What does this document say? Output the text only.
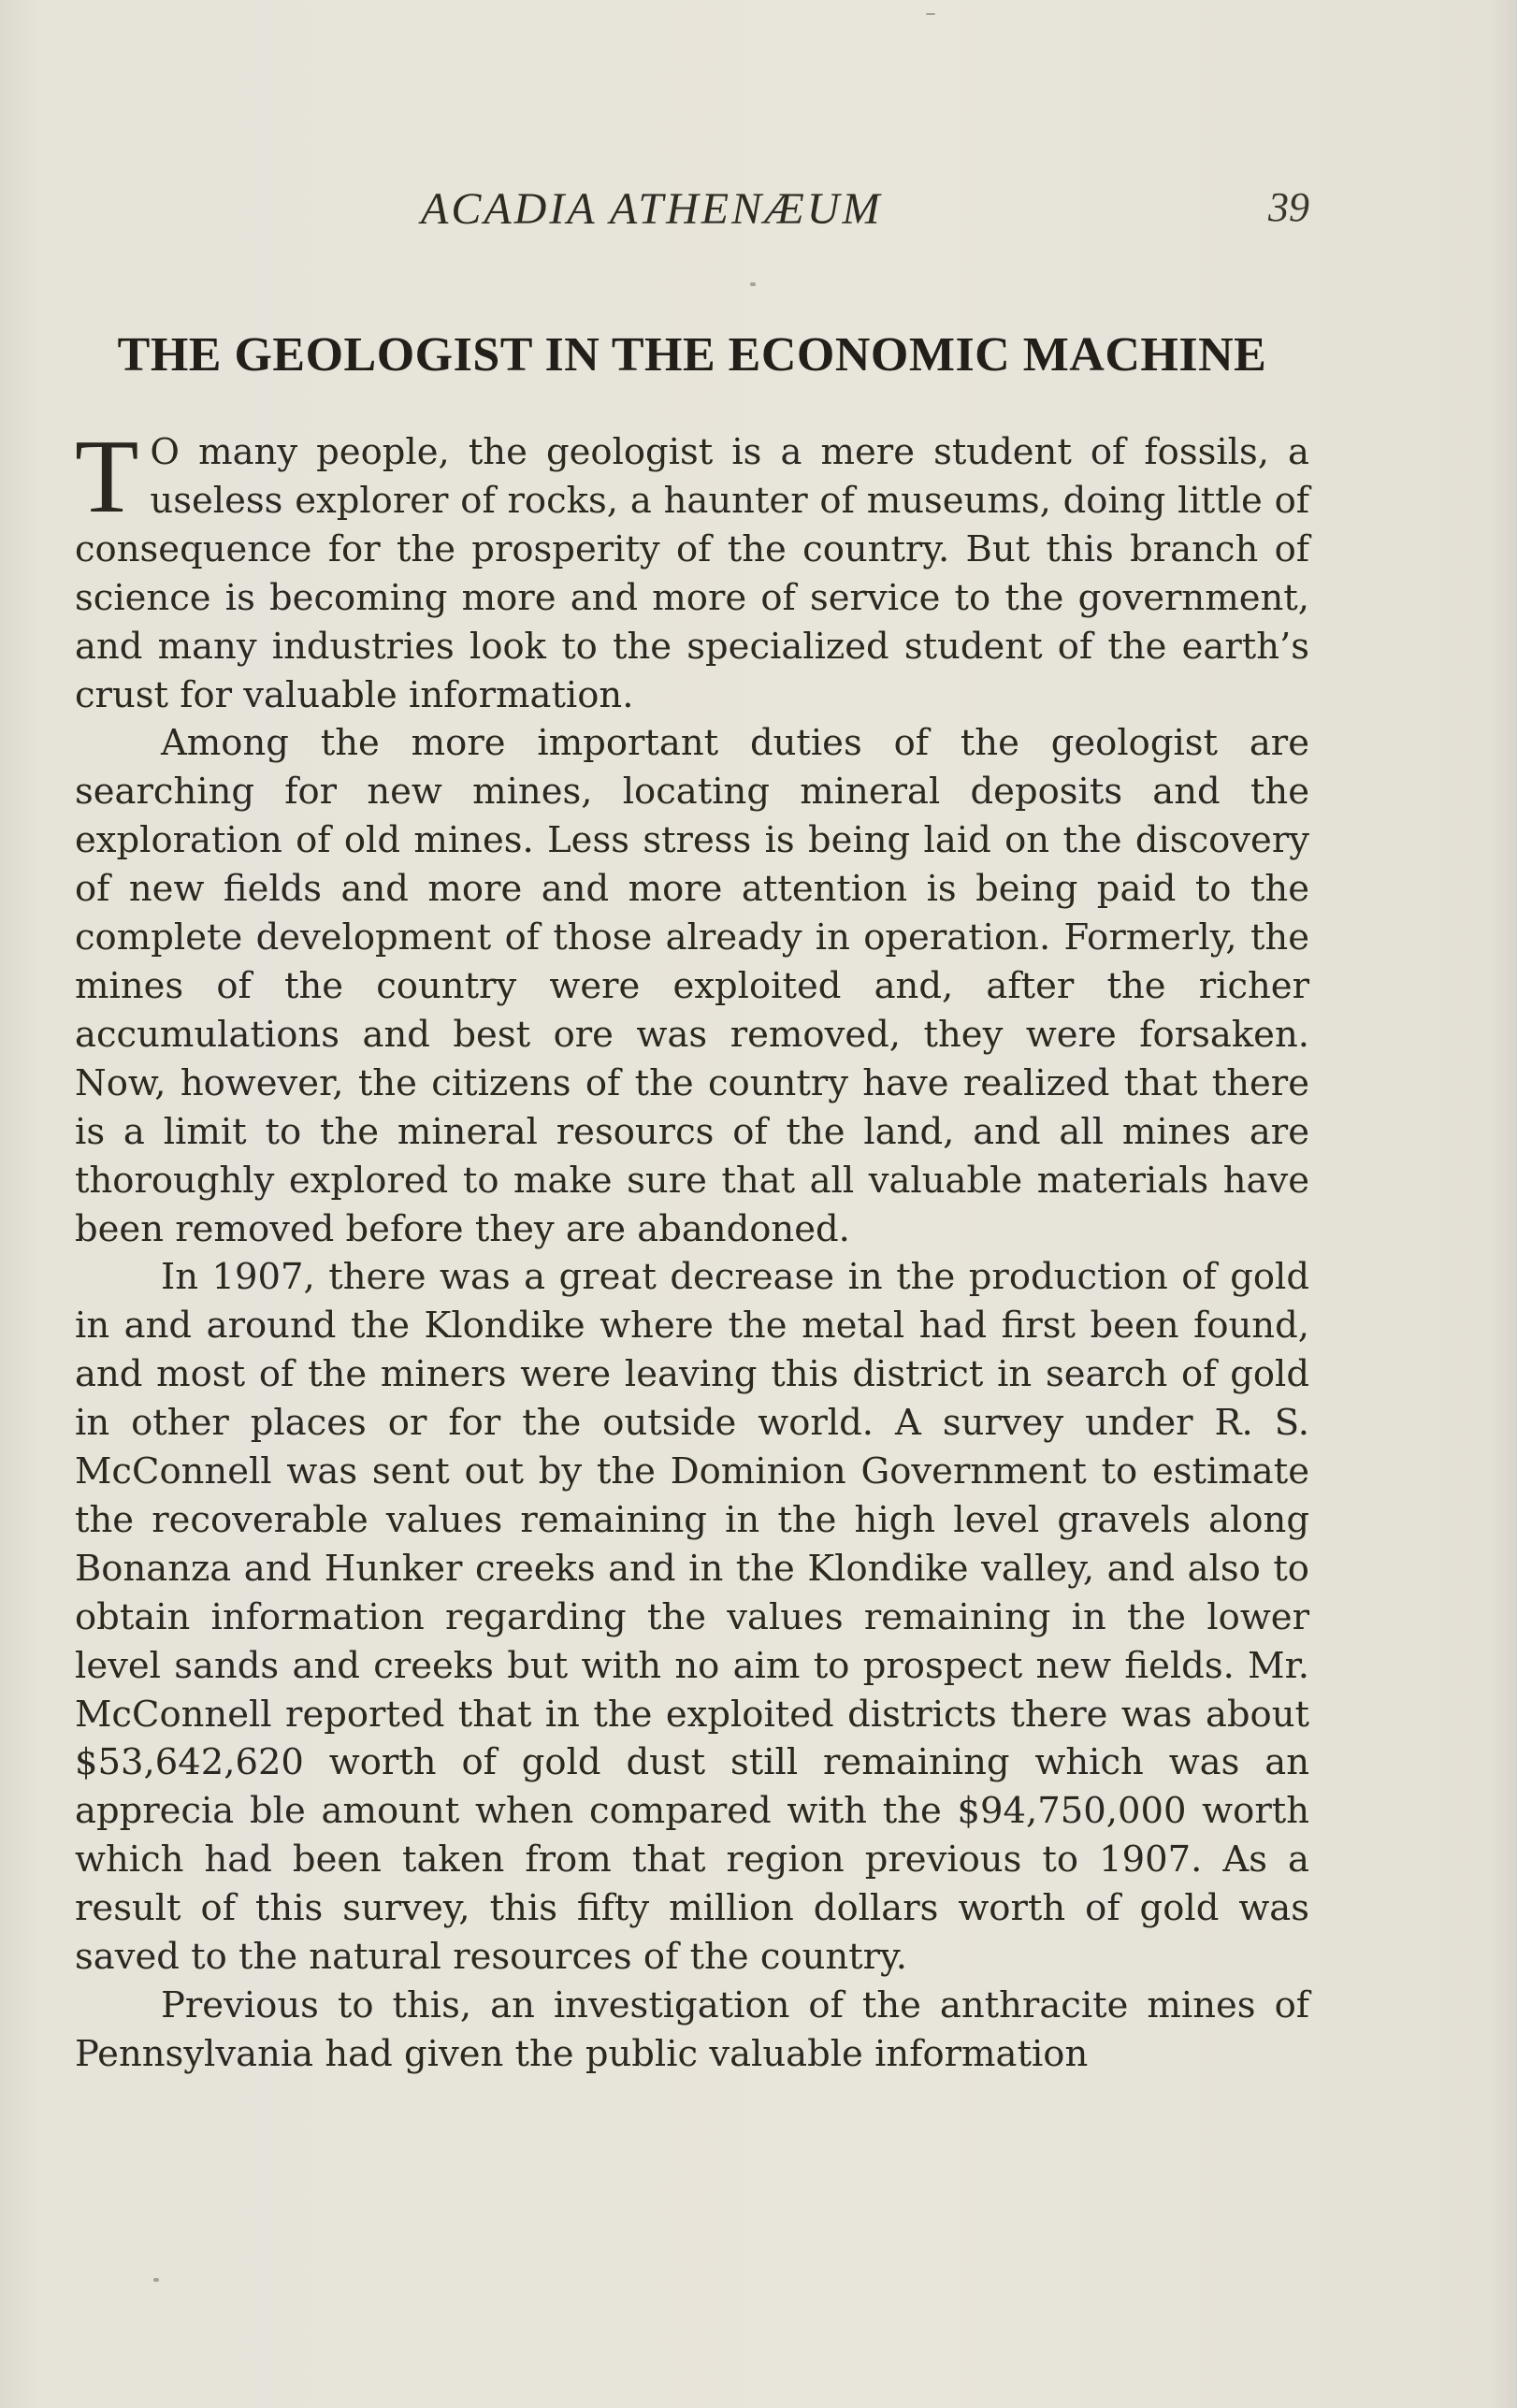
ACADIA ATHENÆUM	39
THE GEOLOGIST IN THE ECONOMIC MACHINE

T O many people, the geologist is a mere student of fossils, a useless explorer of rocks, a haunter of museums, doing little of consequence for the prosperity of the country. But this branch of science is becoming more and more of service to the government, and many industries look to the specialized student of the earth’s crust for valuable information.

Among the more important duties of the geologist are searching for new mines, locating mineral deposits and the exploration of old mines. Less stress is being laid on the discovery of new fields and more and more attention is being paid to the complete development of those already in operation. Formerly, the mines of the country were exploited and, after the richer accumulations and best ore was removed, they were forsaken. Now, however, the citizens of the country have realized that there is a limit to the mineral resourcs of the land, and all mines are thoroughly explored to make sure that all valuable materials have been removed before they are abandoned.

In 1907, there was a great decrease in the production of gold in and around the Klondike where the metal had first been found, and most of the miners were leaving this district in search of gold in other places or for the outside world. A survey under R. S. McConnell was sent out by the Dominion Government to estimate the recoverable values remaining in the high level gravels along Bonanza and Hunker creeks and in the Klondike valley, and also to obtain information regarding the values remaining in the lower level sands and creeks but with no aim to prospect new fields. Mr. McConnell reported that in the exploited districts there was about $53,642,620 worth of gold dust still remaining which was an apprecia ble amount when compared with the $94,750,000 worth which had been taken from that region previous to 1907. As a result of this survey, this fifty million dollars worth of gold was saved to the natural resources of the country.

Previous to this, an investigation of the anthracite mines of Pennsylvania had given the public valuable information
